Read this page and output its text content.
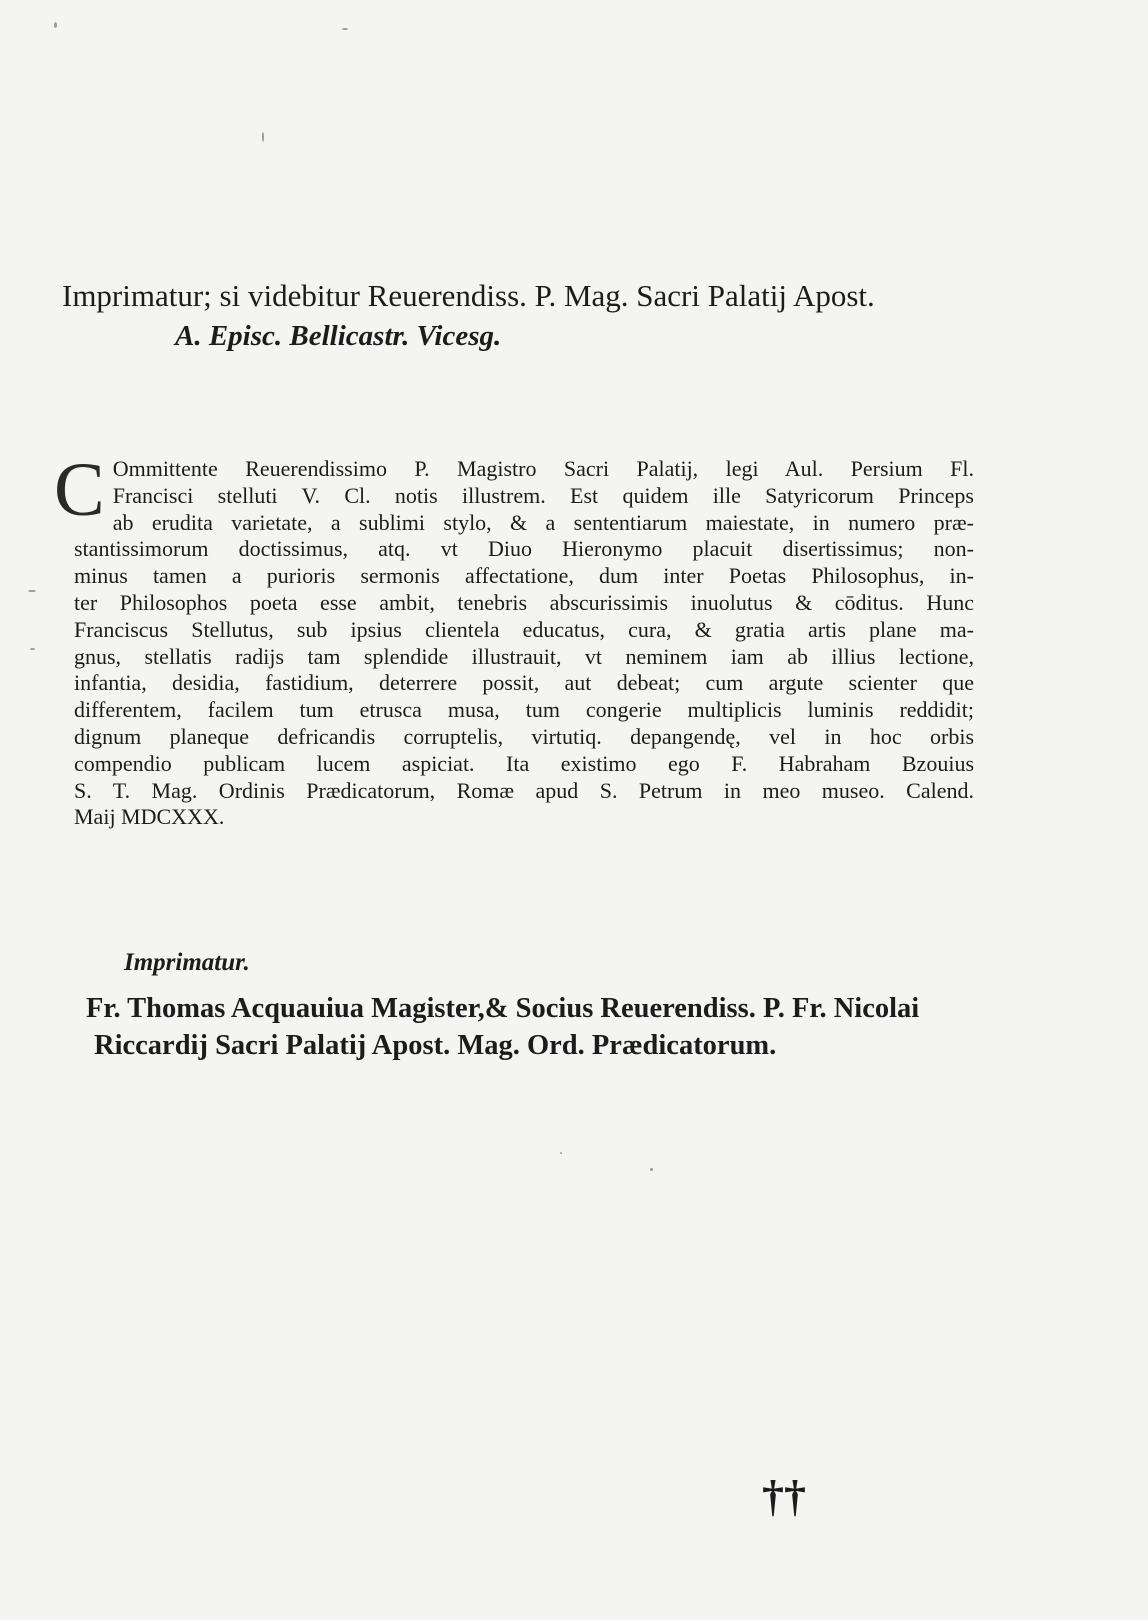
Imprimatur; si videbitur Reuerendiss. P. Mag. Sacri Palatij Apost.
A. Episc. Bellicastr. Vicesg.

C Ommittente Reuerendissimo P. Magistro Sacri Palatij, legi Aul. Persium Fl.
Francisci stelluti V. Cl. notis illustrem. Est quidem ille Satyricorum Princeps
ab erudita varietate, a sublimi stylo, & a sententiarum maiestate, in numero præ-
stantissimorum doctissimus, atq. vt Diuo Hieronymo placuit disertissimus; non-
minus tamen a purioris sermonis affectatione, dum inter Poetas Philosophus, in-
ter Philosophos poeta esse ambit, tenebris abscurissimis inuolutus & cōditus. Hunc
Franciscus Stellutus, sub ipsius clientela educatus, cura, & gratia artis plane ma-
gnus, stellatis radijs tam splendide illustrauit, vt neminem iam ab illius lectione,
infantia, desidia, fastidium, deterrere possit, aut debeat; cum argute scienter que
differentem, facilem tum etrusca musa, tum congerie multiplicis luminis reddidit;
dignum planeque defricandis corruptelis, virtutiq. depangendę, vel in hoc orbis
compendio publicam lucem aspiciat. Ita existimo ego F. Habraham Bzouius
S. T. Mag. Ordinis Prædicatorum, Romæ apud S. Petrum in meo museo. Calend.
Maij MDCXXX.

Imprimatur.
Fr. Thomas Acquauiua Magister,& Socius Reuerendiss. P. Fr. Nicolai
Riccardij Sacri Palatij Apost. Mag. Ord. Prædicatorum.
††
